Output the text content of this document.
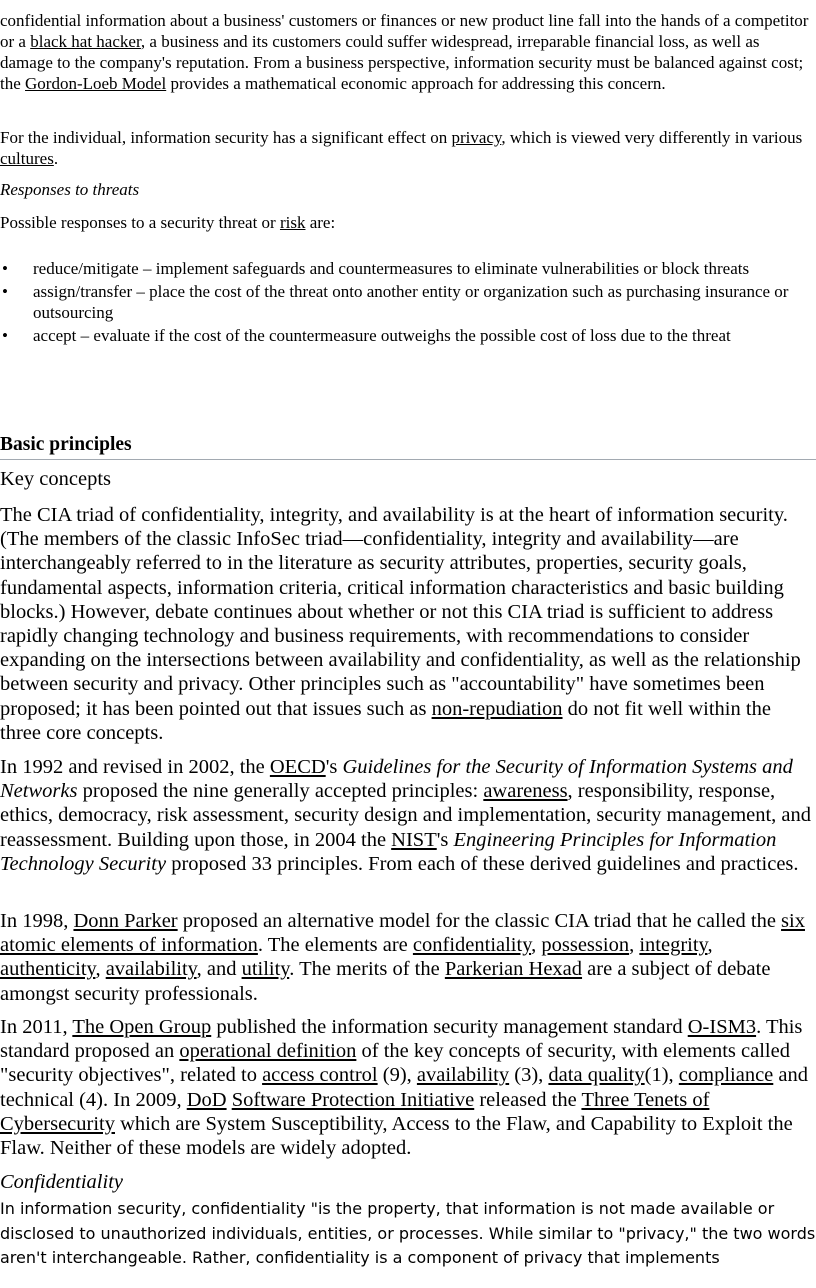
confidential information about a business' customers or finances or new product line fall into the hands of a competitor or a black hat hacker, a business and its customers could suffer widespread, irreparable financial loss, as well as damage to the company's reputation. From a business perspective, information security must be balanced against cost; the Gordon-Loeb Model provides a mathematical economic approach for addressing this concern.

For the individual, information security has a significant effect on privacy, which is viewed very differently in various cultures.

Responses to threats

Possible responses to a security threat or risk are:

• reduce/mitigate – implement safeguards and countermeasures to eliminate vulnerabilities or block threats
• assign/transfer – place the cost of the threat onto another entity or organization such as purchasing insurance or outsourcing
• accept – evaluate if the cost of the countermeasure outweighs the possible cost of loss due to the threat
Basic principles

Key concepts

The CIA triad of confidentiality, integrity, and availability is at the heart of information security. (The members of the classic InfoSec triad—confidentiality, integrity and availability—are interchangeably referred to in the literature as security attributes, properties, security goals, fundamental aspects, information criteria, critical information characteristics and basic building blocks.) However, debate continues about whether or not this CIA triad is sufficient to address rapidly changing technology and business requirements, with recommendations to consider expanding on the intersections between availability and confidentiality, as well as the relationship between security and privacy. Other principles such as "accountability" have sometimes been proposed; it has been pointed out that issues such as non-repudiation do not fit well within the three core concepts.

In 1992 and revised in 2002, the OECD's Guidelines for the Security of Information Systems and Networks proposed the nine generally accepted principles: awareness, responsibility, response, ethics, democracy, risk assessment, security design and implementation, security management, and reassessment. Building upon those, in 2004 the NIST's Engineering Principles for Information Technology Security proposed 33 principles. From each of these derived guidelines and practices.

In 1998, Donn Parker proposed an alternative model for the classic CIA triad that he called the six atomic elements of information. The elements are confidentiality, possession, integrity, authenticity, availability, and utility. The merits of the Parkerian Hexad are a subject of debate amongst security professionals.

In 2011, The Open Group published the information security management standard O-ISM3. This standard proposed an operational definition of the key concepts of security, with elements called "security objectives", related to access control (9), availability (3), data quality(1), compliance and technical (4). In 2009, DoD Software Protection Initiative released the Three Tenets of Cybersecurity which are System Susceptibility, Access to the Flaw, and Capability to Exploit the Flaw. Neither of these models are widely adopted.

Confidentiality

In information security, confidentiality "is the property, that information is not made available or disclosed to unauthorized individuals, entities, or processes. While similar to "privacy," the two words aren't interchangeable. Rather, confidentiality is a component of privacy that implements
